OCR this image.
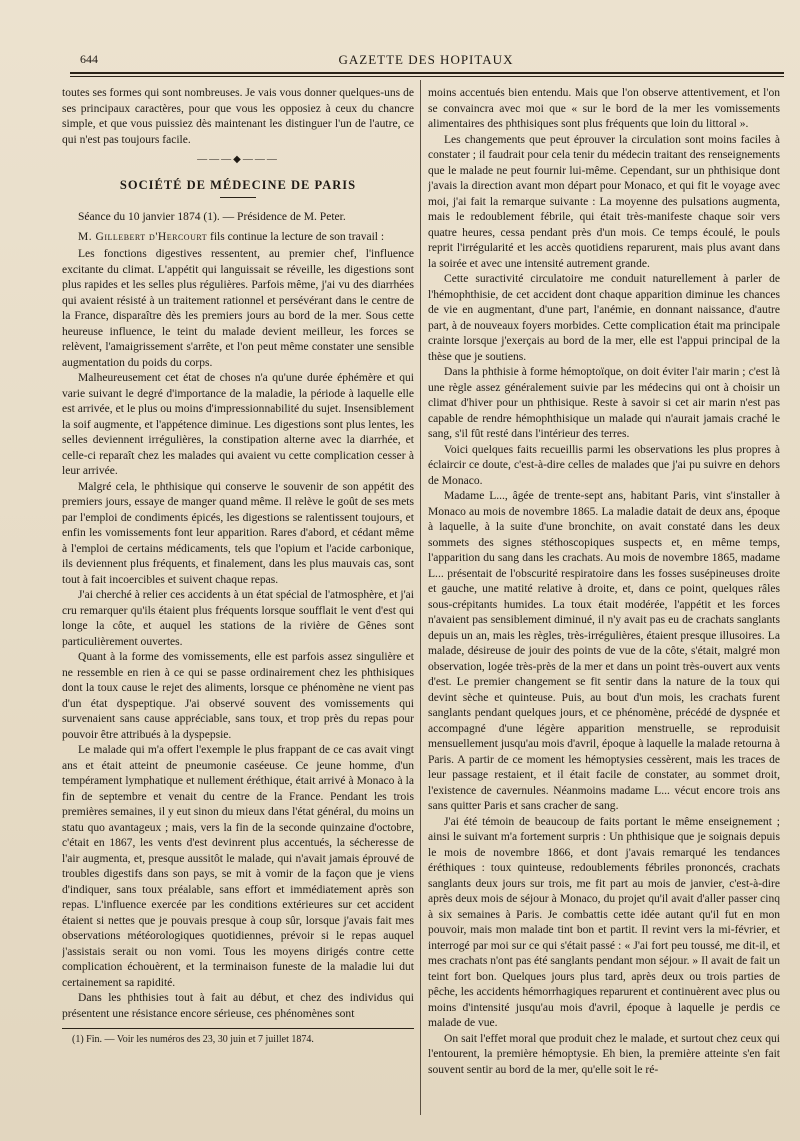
644	GAZETTE DES HOPITAUX

toutes ses formes qui sont nombreuses. Je vais vous donner quelques-uns de ses principaux caractères, pour que vous les opposiez à ceux du chancre simple, et que vous puissiez dès maintenant les distinguer l'un de l'autre, ce qui n'est pas toujours facile.

———◆———
SOCIÉTÉ DE MÉDECINE DE PARIS

Séance du 10 janvier 1874 (1). — Présidence de M. Peter.

M. Gillebert d'Hercourt fils continue la lecture de son travail :

Les fonctions digestives ressentent, au premier chef, l'influence excitante du climat. L'appétit qui languissait se réveille, les digestions sont plus rapides et les selles plus régulières. Parfois même, j'ai vu des diarrhées qui avaient résisté à un traitement rationnel et persévérant dans le centre de la France, disparaître dès les premiers jours au bord de la mer. Sous cette heureuse influence, le teint du malade devient meilleur, les forces se relèvent, l'amaigrissement s'arrête, et l'on peut même constater une sensible augmentation du poids du corps.

Malheureusement cet état de choses n'a qu'une durée éphémère et qui varie suivant le degré d'importance de la maladie, la période à laquelle elle est arrivée, et le plus ou moins d'impressionnabilité du sujet. Insensiblement la soif augmente, et l'appétence diminue. Les digestions sont plus lentes, les selles deviennent irrégulières, la constipation alterne avec la diarrhée, et celle-ci reparaît chez les malades qui avaient vu cette complication cesser à leur arrivée.

Malgré cela, le phthisique qui conserve le souvenir de son appétit des premiers jours, essaye de manger quand même. Il relève le goût de ses mets par l'emploi de condiments épicés, les digestions se ralentissent toujours, et enfin les vomissements font leur apparition. Rares d'abord, et cédant même à l'emploi de certains médicaments, tels que l'opium et l'acide carbonique, ils deviennent plus fréquents, et finalement, dans les plus mauvais cas, sont tout à fait incoercibles et suivent chaque repas.

J'ai cherché à relier ces accidents à un état spécial de l'atmosphère, et j'ai cru remarquer qu'ils étaient plus fréquents lorsque soufflait le vent d'est qui longe la côte, et auquel les stations de la rivière de Gênes sont particulièrement ouvertes.

Quant à la forme des vomissements, elle est parfois assez singulière et ne ressemble en rien à ce qui se passe ordinairement chez les phthisiques dont la toux cause le rejet des aliments, lorsque ce phénomène ne vient pas d'un état dyspeptique. J'ai observé souvent des vomissements qui survenaient sans cause appréciable, sans toux, et trop près du repas pour pouvoir être attribués à la dyspepsie.

Le malade qui m'a offert l'exemple le plus frappant de ce cas avait vingt ans et était atteint de pneumonie caséeuse. Ce jeune homme, d'un tempérament lymphatique et nullement éréthique, était arrivé à Monaco à la fin de septembre et venait du centre de la France. Pendant les trois premières semaines, il y eut sinon du mieux dans l'état général, du moins un statu quo avantageux ; mais, vers la fin de la seconde quinzaine d'octobre, c'était en 1867, les vents d'est devinrent plus accentués, la sécheresse de l'air augmenta, et, presque aussitôt le malade, qui n'avait jamais éprouvé de troubles digestifs dans son pays, se mit à vomir de la façon que je viens d'indiquer, sans toux préalable, sans effort et immédiatement après son repas. L'influence exercée par les conditions extérieures sur cet accident étaient si nettes que je pouvais presque à coup sûr, lorsque j'avais fait mes observations météorologiques quotidiennes, prévoir si le repas auquel j'assistais serait ou non vomi. Tous les moyens dirigés contre cette complication échouèrent, et la terminaison funeste de la maladie lui dut certainement sa rapidité.

Dans les phthisies tout à fait au début, et chez des individus qui présentent une résistance encore sérieuse, ces phénomènes sont

(1) Fin. — Voir les numéros des 23, 30 juin et 7 juillet 1874.

moins accentués bien entendu. Mais que l'on observe attentivement, et l'on se convaincra avec moi que « sur le bord de la mer les vomissements alimentaires des phthisiques sont plus fréquents que loin du littoral ».

Les changements que peut éprouver la circulation sont moins faciles à constater ; il faudrait pour cela tenir du médecin traitant des renseignements que le malade ne peut fournir lui-même. Cependant, sur un phthisique dont j'avais la direction avant mon départ pour Monaco, et qui fit le voyage avec moi, j'ai fait la remarque suivante : La moyenne des pulsations augmenta, mais le redoublement fébrile, qui était très-manifeste chaque soir vers quatre heures, cessa pendant près d'un mois. Ce temps écoulé, le pouls reprit l'irrégularité et les accès quotidiens reparurent, mais plus avant dans la soirée et avec une intensité autrement grande.

Cette suractivité circulatoire me conduit naturellement à parler de l'hémophthisie, de cet accident dont chaque apparition diminue les chances de vie en augmentant, d'une part, l'anémie, en donnant naissance, d'autre part, à de nouveaux foyers morbides. Cette complication était ma principale crainte lorsque j'exerçais au bord de la mer, elle est l'appui principal de la thèse que je soutiens.

Dans la phthisie à forme hémoptoïque, on doit éviter l'air marin ; c'est là une règle assez généralement suivie par les médecins qui ont à choisir un climat d'hiver pour un phthisique. Reste à savoir si cet air marin n'est pas capable de rendre hémophthisique un malade qui n'aurait jamais craché le sang, s'il fût resté dans l'intérieur des terres.

Voici quelques faits recueillis parmi les observations les plus propres à éclaircir ce doute, c'est-à-dire celles de malades que j'ai pu suivre en dehors de Monaco.

Madame L..., âgée de trente-sept ans, habitant Paris, vint s'installer à Monaco au mois de novembre 1865. La maladie datait de deux ans, époque à laquelle, à la suite d'une bronchite, on avait constaté dans les deux sommets des signes stéthoscopiques suspects et, en même temps, l'apparition du sang dans les crachats. Au mois de novembre 1865, madame L... présentait de l'obscurité respiratoire dans les fosses susépineuses droite et gauche, une matité relative à droite, et, dans ce point, quelques râles sous-crépitants humides. La toux était modérée, l'appétit et les forces n'avaient pas sensiblement diminué, il n'y avait pas eu de crachats sanglants depuis un an, mais les règles, très-irrégulières, étaient presque illusoires. La malade, désireuse de jouir des points de vue de la côte, s'était, malgré mon observation, logée très-près de la mer et dans un point très-ouvert aux vents d'est. Le premier changement se fit sentir dans la nature de la toux qui devint sèche et quinteuse. Puis, au bout d'un mois, les crachats furent sanglants pendant quelques jours, et ce phénomène, précédé de dyspnée et accompagné d'une légère apparition menstruelle, se reproduisit mensuellement jusqu'au mois d'avril, époque à laquelle la malade retourna à Paris. A partir de ce moment les hémoptysies cessèrent, mais les traces de leur passage restaient, et il était facile de constater, au sommet droit, l'existence de cavernules. Néanmoins madame L... vécut encore trois ans sans quitter Paris et sans cracher de sang.

J'ai été témoin de beaucoup de faits portant le même enseignement ; ainsi le suivant m'a fortement surpris : Un phthisique que je soignais depuis le mois de novembre 1866, et dont j'avais remarqué les tendances éréthiques : toux quinteuse, redoublements fébriles prononcés, crachats sanglants deux jours sur trois, me fit part au mois de janvier, c'est-à-dire après deux mois de séjour à Monaco, du projet qu'il avait d'aller passer cinq à six semaines à Paris. Je combattis cette idée autant qu'il fut en mon pouvoir, mais mon malade tint bon et partit. Il revint vers la mi-février, et interrogé par moi sur ce qui s'était passé : « J'ai fort peu toussé, me dit-il, et mes crachats n'ont pas été sanglants pendant mon séjour. » Il avait de fait un teint fort bon. Quelques jours plus tard, après deux ou trois parties de pêche, les accidents hémorrhagiques reparurent et continuèrent avec plus ou moins d'intensité jusqu'au mois d'avril, époque à laquelle je perdis ce malade de vue.

On sait l'effet moral que produit chez le malade, et surtout chez ceux qui l'entourent, la première hémoptysie. Eh bien, la première atteinte s'en fait souvent sentir au bord de la mer, qu'elle soit le ré-
